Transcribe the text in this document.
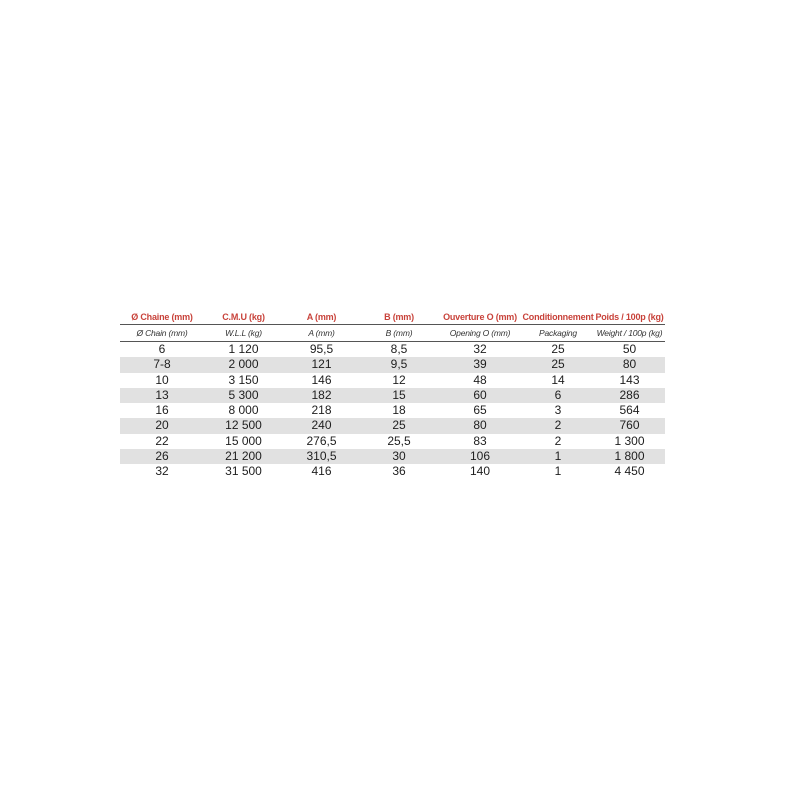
Ø Chaine (mm)	C.M.U (kg)	A (mm)	B (mm)	Ouverture O (mm)	Conditionnement	Poids / 100p (kg)
Ø Chain (mm)	W.L.L (kg)	A (mm)	B (mm)	Opening O (mm)	Packaging	Weight / 100p (kg)
6	1 120	95,5	8,5	32	25	50
7-8	2 000	121	9,5	39	25	80
10	3 150	146	12	48	14	143
13	5 300	182	15	60	6	286
16	8 000	218	18	65	3	564
20	12 500	240	25	80	2	760
22	15 000	276,5	25,5	83	2	1 300
26	21 200	310,5	30	106	1	1 800
32	31 500	416	36	140	1	4 450
